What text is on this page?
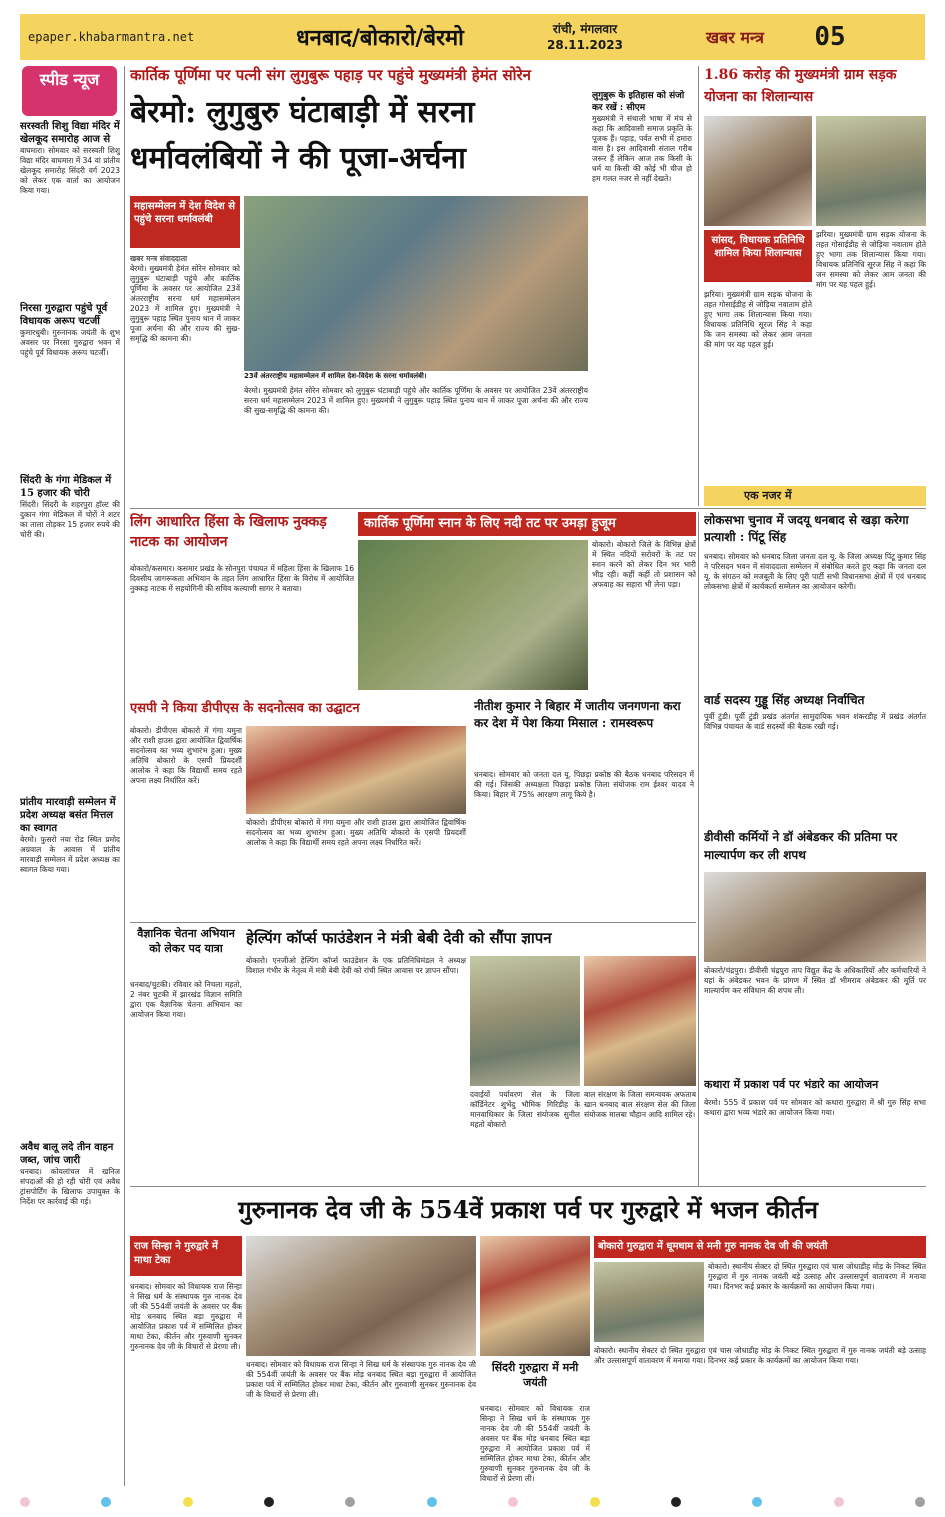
epaper.khabarmantra.net	धनबाद/बोकारो/बेरमो	रांची, मंगलवार
28.11.2023	खबर मन्त्र	05
स्पीड न्यूज
सरस्वती शिशु विद्या मंदिर में खेलकूद समारोह आज से
बाघमारा। सोमवार को सरस्वती शिशु विद्या मंदिर बाघमारा में 34 वां प्रांतीय खेलकूद समारोह सिंदरी वर्ग 2023 को लेकर एक वार्ता का आयोजन किया गया।
निरसा गुरुद्वारा पहुंचे पूर्व विधायक अरूप चटर्जी
कुमारधुबी। गुरुनानक जयंती के शुभ अवसर पर निरसा गुरुद्वारा भवन में पहुंचे पूर्व विधायक अरूप चटर्जी।
सिंदरी के गंगा मेडिकल में 15 हजार की चोरी
सिंदरी। सिंदरी के शहरपुरा हॉल्ट की दुकान गंगा मेडिकल में चोरों ने शटर का ताला तोड़कर 15 हजार रुपये की चोरी की।
प्रांतीय मारवाड़ी सम्मेलन में प्रदेश अध्यक्ष बसंत मित्तल का स्वागत
बेरमो। फुसरो नया रोड स्थित प्रमोद अग्रवाल के आवास में प्रांतीय मारवाड़ी सम्मेलन में प्रदेश अध्यक्ष का स्वागत किया गया।
अवैध बालू लदे तीन वाहन जब्त, जांच जारी
धनबाद। कोयलांचल में खनिज संपदाओं की हो रही चोरी एवं अवैध ट्रांसपोर्टिंग के खिलाफ उपायुक्त के निर्देश पर कार्रवाई की गई।
कार्तिक पूर्णिमा पर पत्नी संग लुगुबुरू पहाड़ पर पहुंचे मुख्यमंत्री हेमंत सोरेन
बेरमो: लुगुबुरु घंटाबाड़ी में सरना
धर्मावलंबियों ने की पूजा-अर्चना
महासम्मेलन में देश विदेश से पहुंचे सरना धर्मावलंबी
23वें अंतरराष्ट्रीय महासम्मेलन में शामिल देश-विदेश के सरना धर्मावलंबी।
खबर मन्त्र संवाददाता
बेरमो। मुख्यमंत्री हेमंत सोरेन सोमवार को लुगुबुरू घंटाबाड़ी पहुंचे और कार्तिक पूर्णिमा के अवसर पर आयोजित 23वें अंतरराष्ट्रीय सरना धर्म महासम्मेलन 2023 में शामिल हुए। मुख्यमंत्री ने लुगुबुरू पहाड़ स्थित पुनाय थान में जाकर पूजा अर्चना की और राज्य की सुख-समृद्धि की कामना की।
बेरमो। मुख्यमंत्री हेमंत सोरेन सोमवार को लुगुबुरू घंटाबाड़ी पहुंचे और कार्तिक पूर्णिमा के अवसर पर आयोजित 23वें अंतरराष्ट्रीय सरना धर्म महासम्मेलन 2023 में शामिल हुए। मुख्यमंत्री ने लुगुबुरू पहाड़ स्थित पुनाय थान में जाकर पूजा अर्चना की और राज्य की सुख-समृद्धि की कामना की।
लुगुबुरू के इतिहास को संजो कर रखें : सीएम
मुख्यमंत्री ने संथाली भाषा में मंच से कहा कि आदिवासी समाज प्रकृति के पूजक हैं। पहाड़, पर्वत सभी में हमारा वास है। इस आदिवासी संताल गरीब जरूर हैं लेकिन आज तक किसी के धर्म या किसी की कोई भी चीज हो हम गलत नजर से नहीं देखते।
1.86 करोड़ की मुख्यमंत्री ग्राम सड़क योजना का शिलान्यास
सांसद, विधायक प्रतिनिधि शामिल किया शिलान्यास
झरिया। मुख्यमंत्री ग्राम सड़क योजना के तहत गोसाईडीह से जोड़िया नवाताम होते हुए भागा तक शिलान्यास किया गया। विधायक प्रतिनिधि सूरज सिंह ने कहा कि जन समस्या को लेकर आम जनता की मांग पर यह पहल हुई।
झरिया। मुख्यमंत्री ग्राम सड़क योजना के तहत गोसाईडीह से जोड़िया नवाताम होते हुए भागा तक शिलान्यास किया गया। विधायक प्रतिनिधि सूरज सिंह ने कहा कि जन समस्या को लेकर आम जनता की मांग पर यह पहल हुई।
लिंग आधारित हिंसा के खिलाफ नुक्कड़ नाटक का आयोजन
बोकारो/कसमार। कसमार प्रखंड के सोनपुरा पंचायत में महिला हिंसा के खिलाफ 16 दिवसीय जागरूकता अभियान के तहत लिंग आधारित हिंसा के विरोध में आयोजित नुक्कड़ नाटक में सहयोगिनी की सचिव कल्याणी सागर ने बताया।
कार्तिक पूर्णिमा स्नान के लिए नदी तट पर उमड़ा हुजूम
बोकारो। बोकारो जिले के विभिन्न क्षेत्रों में स्थित नदियों सरोवरों के तट पर स्नान करने को लेकर दिन भर भारी भीड़ रही। कहीं कहीं तो प्रशासन को अफवाह का सहारा भी लेना पड़ा।
एक नजर में
लोकसभा चुनाव में जदयू धनबाद से खड़ा करेगा प्रत्याशी : पिंटू सिंह
धनबाद। सोमवार को धनबाद जिला जनता दल यू. के जिला अध्यक्ष पिंटू कुमार सिंह ने परिसदन भवन में संवाददाता सम्मेलन में संबोधित करते हुए कहा कि जनता दल यू. के संगठन को मजबूती के लिए पूरी पार्टी सभी विधानसभा क्षेत्रों में एवं धनबाद लोकसभा क्षेत्रों में कार्यकर्ता सम्मेलन का आयोजन करेगी।
वार्ड सदस्य गुड्डू सिंह अध्यक्ष निर्वाचित
पूर्वी टुंडी। पूर्वी टुंडी प्रखंड अंतर्गत सामुदायिक भवन शंकरडीह में प्रखंड अंतर्गत विभिन्न पंचायत के वार्ड सदस्यों की बैठक रखी गई।
डीवीसी कर्मियों ने डॉ अंबेडकर की प्रतिमा पर माल्यार्पण कर ली शपथ
बोकारो/चंद्रपुरा। डीवीसी चंद्रपुरा ताप विद्युत केंद्र के अधिकारियों और कर्मचारियों ने यहां के अंबेडकर भवन के प्रांगण में स्थित डॉ भीमराव अंबेडकर की मूर्ति पर माल्यार्पण कर संविधान की शपथ ली।
कथारा में प्रकाश पर्व पर भंडारे का आयोजन
बेरमो। 555 वें प्रकाश पर्व पर सोमवार को कथारा गुरुद्वारा में श्री गुरु सिंह सभा कथारा द्वारा भव्य भंडारे का आयोजन किया गया।
एसपी ने किया डीपीएस के सदनोत्सव का उद्घाटन
बोकारो। डीपीएस बोकारो में गंगा यमुना और राशी हाउस द्वारा आयोजित द्विवार्षिक सदनोत्सव का भव्य शुभारंभ हुआ। मुख्य अतिथि बोकारो के एसपी प्रियदर्शी आलोक ने कहा कि विद्यार्थी समय रहते अपना लक्ष्य निर्धारित करें।
बोकारो। डीपीएस बोकारो में गंगा यमुना और राशी हाउस द्वारा आयोजित द्विवार्षिक सदनोत्सव का भव्य शुभारंभ हुआ। मुख्य अतिथि बोकारो के एसपी प्रियदर्शी आलोक ने कहा कि विद्यार्थी समय रहते अपना लक्ष्य निर्धारित करें।
नीतीश कुमार ने बिहार में जातीय जनगणना करा कर देश में पेश किया मिसाल : रामस्वरूप
धनबाद। सोमवार को जनता दल यू. पिछड़ा प्रकोष्ठ की बैठक धनबाद परिसदन में की गई। जिसकी अध्यक्षता पिछड़ा प्रकोष्ठ जिला संयोजक राम ईश्वर यादव ने किया। बिहार में 75% आरक्षण लागू किये है।
वैज्ञानिक चेतना अभियान को लेकर पद यात्रा
धनबाद/चुटकी। रविवार को निचला महतो, 2 नंबर चुटकी में झारखंड विज्ञान समिति द्वारा एक वैज्ञानिक चेतना अभियान का आयोजन किया गया।
हेल्पिंग कॉर्प्स फाउंडेशन ने मंत्री बेबी देवी को सौंपा ज्ञापन
बोकारो। एनजीओ हेल्पिंग कॉर्प्स फाउंडेशन के एक प्रतिनिधिमंडल ने अध्यक्ष विशाल गंभीर के नेतृत्व में मंत्री बेबी देवी को रांची स्थित आवास पर ज्ञापन सौंपा।
दवाईयों पर्यावरण सेल के जिला कॉर्डिनेटर शुभेंदु भौमिक गिरिडीह के मानवाधिकार के जिला संयोजक सुनील महतो बोकारो
बाल संरक्षण के जिला समन्वयक अफताब खान धनबाद बाल संरक्षण सेल की जिला संयोजक मालबा चौहान आदि शामिल रहे।
गुरुनानक देव जी के 554वें प्रकाश पर्व पर गुरुद्वारे में भजन कीर्तन
राज सिन्हा ने गुरुद्वारे में माथा टेका
धनबाद। सोमवार को विधायक राज सिन्हा ने सिख धर्म के संस्थापक गुरु नानक देव जी की 554वीं जयंती के अवसर पर बैंक मोड़ धनबाद स्थित बड़ा गुरुद्वारा में आयोजित प्रकाश पर्व में सम्मिलित होकर माथा टेका, कीर्तन और गुरुवाणी सुनकर गुरुनानक देव जी के विचारों से प्रेरणा ली।
धनबाद। सोमवार को विधायक राज सिन्हा ने सिख धर्म के संस्थापक गुरु नानक देव जी की 554वीं जयंती के अवसर पर बैंक मोड़ धनबाद स्थित बड़ा गुरुद्वारा में आयोजित प्रकाश पर्व में सम्मिलित होकर माथा टेका, कीर्तन और गुरुवाणी सुनकर गुरुनानक देव जी के विचारों से प्रेरणा ली।
सिंदरी गुरुद्वारा में मनी जयंती
धनबाद। सोमवार को विधायक राज सिन्हा ने सिख धर्म के संस्थापक गुरु नानक देव जी की 554वीं जयंती के अवसर पर बैंक मोड़ धनबाद स्थित बड़ा गुरुद्वारा में आयोजित प्रकाश पर्व में सम्मिलित होकर माथा टेका, कीर्तन और गुरुवाणी सुनकर गुरुनानक देव जी के विचारों से प्रेरणा ली।
बोकारो गुरुद्वारा में धूमधाम से मनी गुरु नानक देव जी की जयंती
बोकारो। स्थानीय सेक्टर दो स्थित गुरुद्वारा एवं चास जोधाडीह मोड़ के निकट स्थित गुरुद्वारा में गुरु नानक जयंती बड़े उत्साह और उल्लासपूर्ण वातावरण में मनाया गया। दिनभर कई प्रकार के कार्यक्रमों का आयोजन किया गया।
बोकारो। स्थानीय सेक्टर दो स्थित गुरुद्वारा एवं चास जोधाडीह मोड़ के निकट स्थित गुरुद्वारा में गुरु नानक जयंती बड़े उत्साह और उल्लासपूर्ण वातावरण में मनाया गया। दिनभर कई प्रकार के कार्यक्रमों का आयोजन किया गया।
